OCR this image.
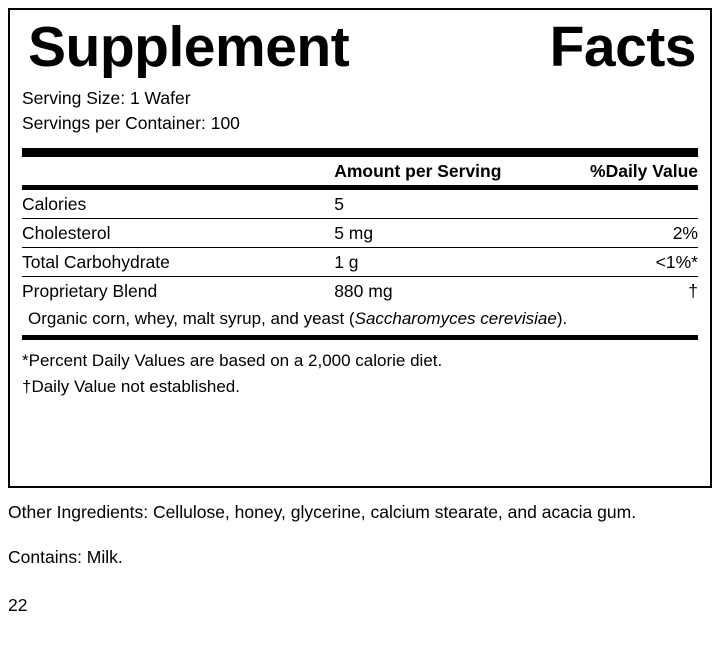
Supplement	Facts
Serving Size: 1 Wafer
Servings per Container: 100
	Amount per Serving	%Daily Value
Calories	5	
Cholesterol	5 mg	2%
Total Carbohydrate	1 g	<1%*
Proprietary Blend	880 mg	†
Organic corn, whey, malt syrup, and yeast (Saccharomyces cerevisiae).		
*Percent Daily Values are based on a 2,000 calorie diet.
†Daily Value not established.

Other Ingredients: Cellulose, honey, glycerine, calcium stearate, and acacia gum.

Contains: Milk.

22
